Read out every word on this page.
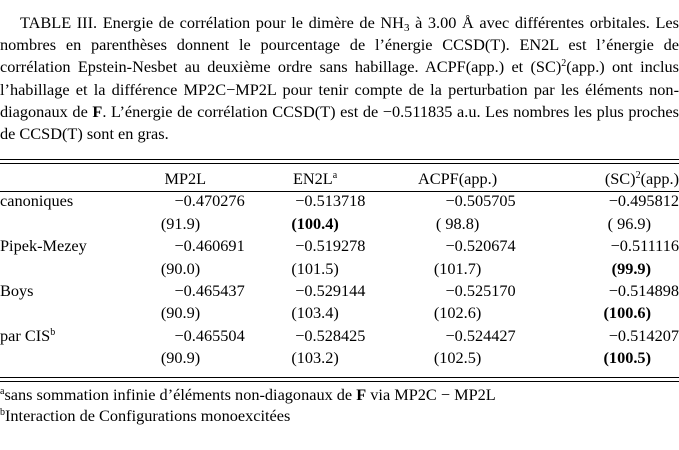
TABLE III. Energie de corrélation pour le dimère de $NH_3$ à 3.00 Å avec différentes orbitales. Les nombres en parenthèses donnent le pourcentage de l’énergie CCSD(T). EN2L est l’énergie de corrélation Epstein-Nesbet au deuxième ordre sans habillage. ACPF(app.) et (SC)$^2$(app.) ont inclus l’habillage et la différence MP2C−MP2L pour tenir compte de la perturbation par les éléments non-diagonaux de F. L’énergie de corrélation CCSD(T) est de −0.511835 a.u. Les nombres les plus proches de CCSD(T) sont en gras.
	MP2L	$EN2L^a$	ACPF(app.)	(SC)$^2$(app.)
canoniques	−0.470276	−0.513718	−0.505705	−0.495812
	(91.9)	(100.4)	( 98.8)	( 96.9)
Pipek-Mezey	−0.460691	−0.519278	−0.520674	−0.511116
	(90.0)	(101.5)	(101.7)	(99.9)
Boys	−0.465437	−0.529144	−0.525170	−0.514898
	(90.9)	(103.4)	(102.6)	(100.6)
par $CIS^b$	−0.465504	−0.528425	−0.524427	−0.514207
	(90.9)	(103.2)	(102.5)	(100.5)
$^a$sans sommation infinie d’éléments non-diagonaux de F via MP2C − MP2L
$^b$Interaction de Configurations monoexcitées
